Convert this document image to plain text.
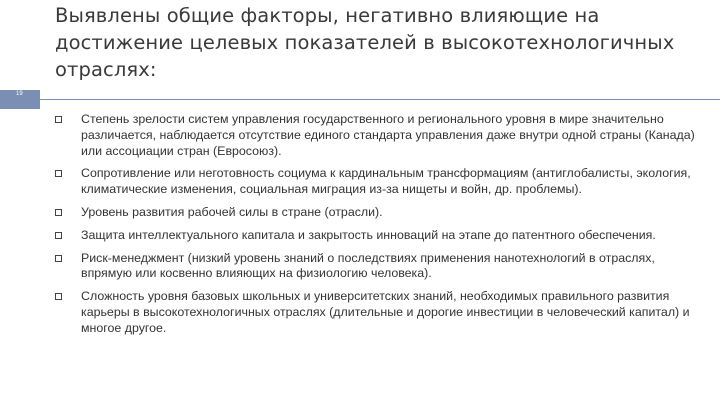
Выявлены общие факторы, негативно влияющие на достижение целевых показателей в высокотехнологичных отраслях:
19
Степень зрелости систем управления государственного и регионального уровня в мире значительно различается, наблюдается отсутствие единого стандарта управления даже внутри одной страны (Канада) или ассоциации стран (Евросоюз).
Сопротивление или неготовность социума к кардинальным трансформациям (антиглобалисты, экология, климатические изменения, социальная миграция из-за нищеты и войн, др. проблемы).
Уровень развития рабочей силы в стране (отрасли).
Защита интеллектуального капитала и закрытость инноваций на этапе до патентного обеспечения.
Риск-менеджмент (низкий уровень знаний о последствиях применения нанотехнологий в отраслях, впрямую или косвенно влияющих на физиологию человека).
Сложность уровня базовых школьных и университетских знаний, необходимых правильного развития карьеры в высокотехнологичных отраслях (длительные и дорогие инвестиции в человеческий капитал) и многое другое.
